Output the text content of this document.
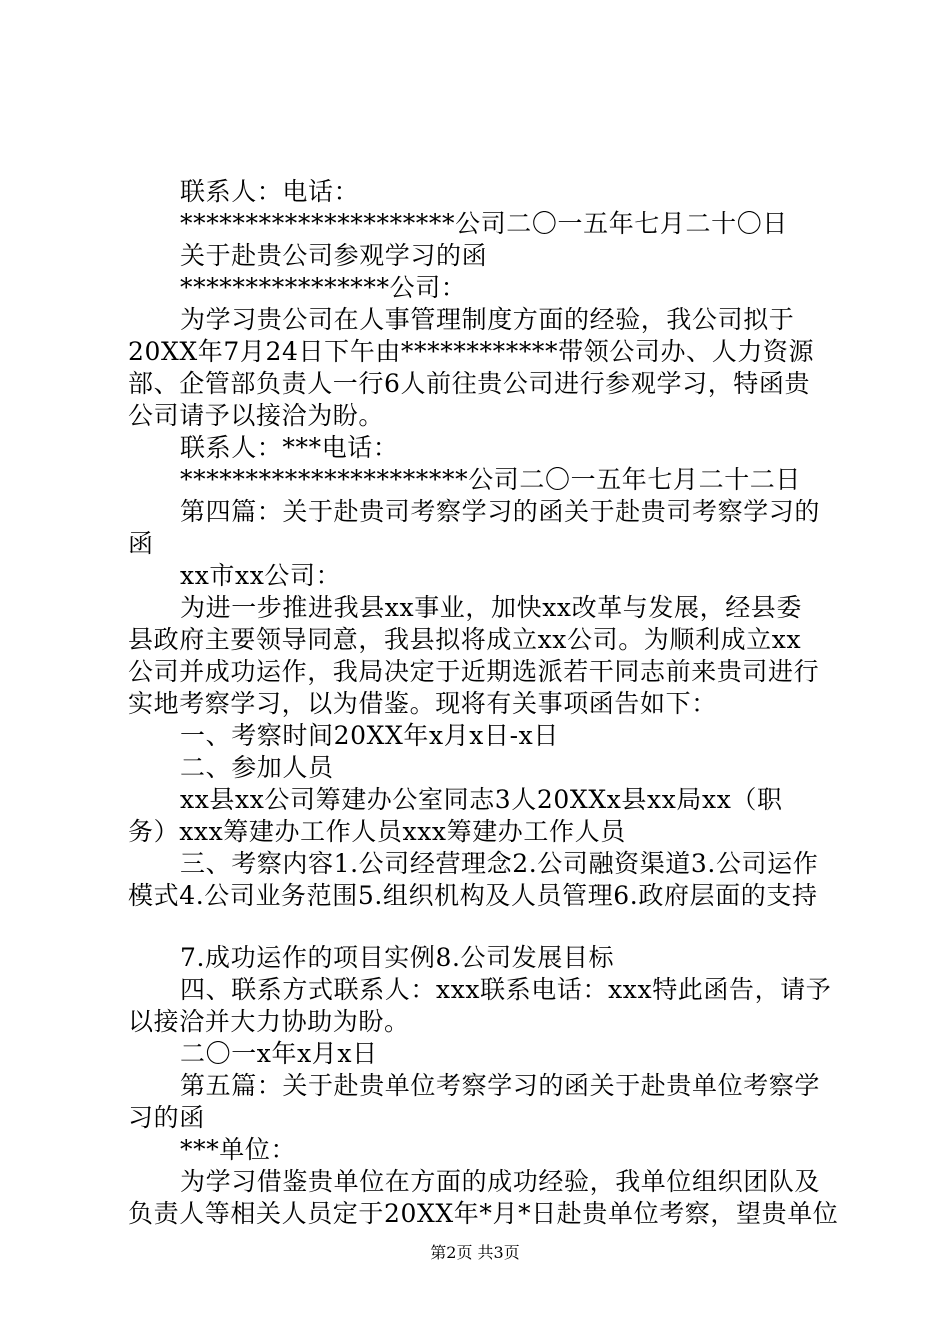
联系人：电话：
*********************公司二〇一五年七月二十〇日
关于赴贵公司参观学习的函
****************公司：
为学习贵公司在人事管理制度方面的经验，我公司拟于
20XX年7月24日下午由************带领公司办、人力资源
部、企管部负责人一行6人前往贵公司进行参观学习，特函贵
公司请予以接洽为盼。
联系人：***电话：
**********************公司二〇一五年七月二十二日
第四篇：关于赴贵司考察学习的函关于赴贵司考察学习的
函
xx市xx公司：
为进一步推进我县xx事业，加快xx改革与发展，经县委
县政府主要领导同意，我县拟将成立xx公司。为顺利成立xx
公司并成功运作，我局决定于近期选派若干同志前来贵司进行
实地考察学习，以为借鉴。现将有关事项函告如下：
一、考察时间20XX年x月x日-x日
二、参加人员
xx县xx公司筹建办公室同志3人20XXx县xx局xx（职
务）xxx筹建办工作人员xxx筹建办工作人员
三、考察内容1.公司经营理念2.公司融资渠道3.公司运作
模式4.公司业务范围5.组织机构及人员管理6.政府层面的支持
7.成功运作的项目实例8.公司发展目标
四、联系方式联系人：xxx联系电话：xxx特此函告，请予
以接洽并大力协助为盼。
二〇一x年x月x日
第五篇：关于赴贵单位考察学习的函关于赴贵单位考察学
习的函
***单位：
为学习借鉴贵单位在方面的成功经验，我单位组织团队及
负责人等相关人员定于20XX年*月*日赴贵单位考察，望贵单位
第2页 共3页
